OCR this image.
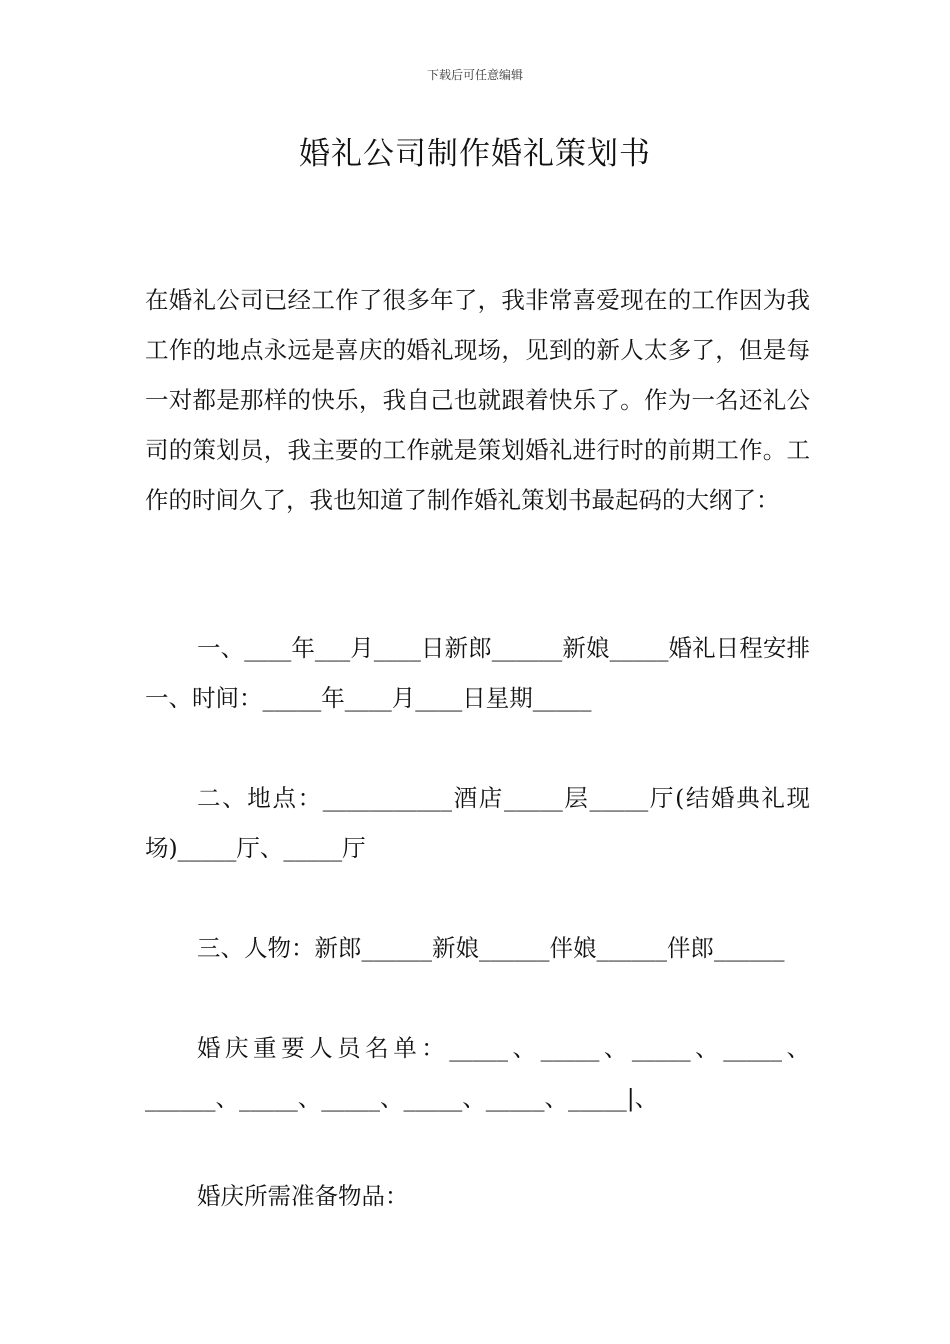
下载后可任意编辑
婚礼公司制作婚礼策划书

在婚礼公司已经工作了很多年了，我非常喜爱现在的工作因为我工作的地点永远是喜庆的婚礼现场，见到的新人太多了，但是每一对都是那样的快乐，我自己也就跟着快乐了。作为一名还礼公司的策划员，我主要的工作就是策划婚礼进行时的前期工作。工作的时间久了，我也知道了制作婚礼策划书最起码的大纲了：

一、____年___月____日新郎______新娘_____婚礼日程安排一、时间：_____年____月____日星期_____

二、地点：___________酒店_____层_____厅(结婚典礼现场)_____厅、_____厅

三、人物：新郎______新娘______伴娘______伴郎______

婚庆重要人员名单：_____、_____、_____、_____、______、_____、_____、_____、_____、_____|、

婚庆所需准备物品：
